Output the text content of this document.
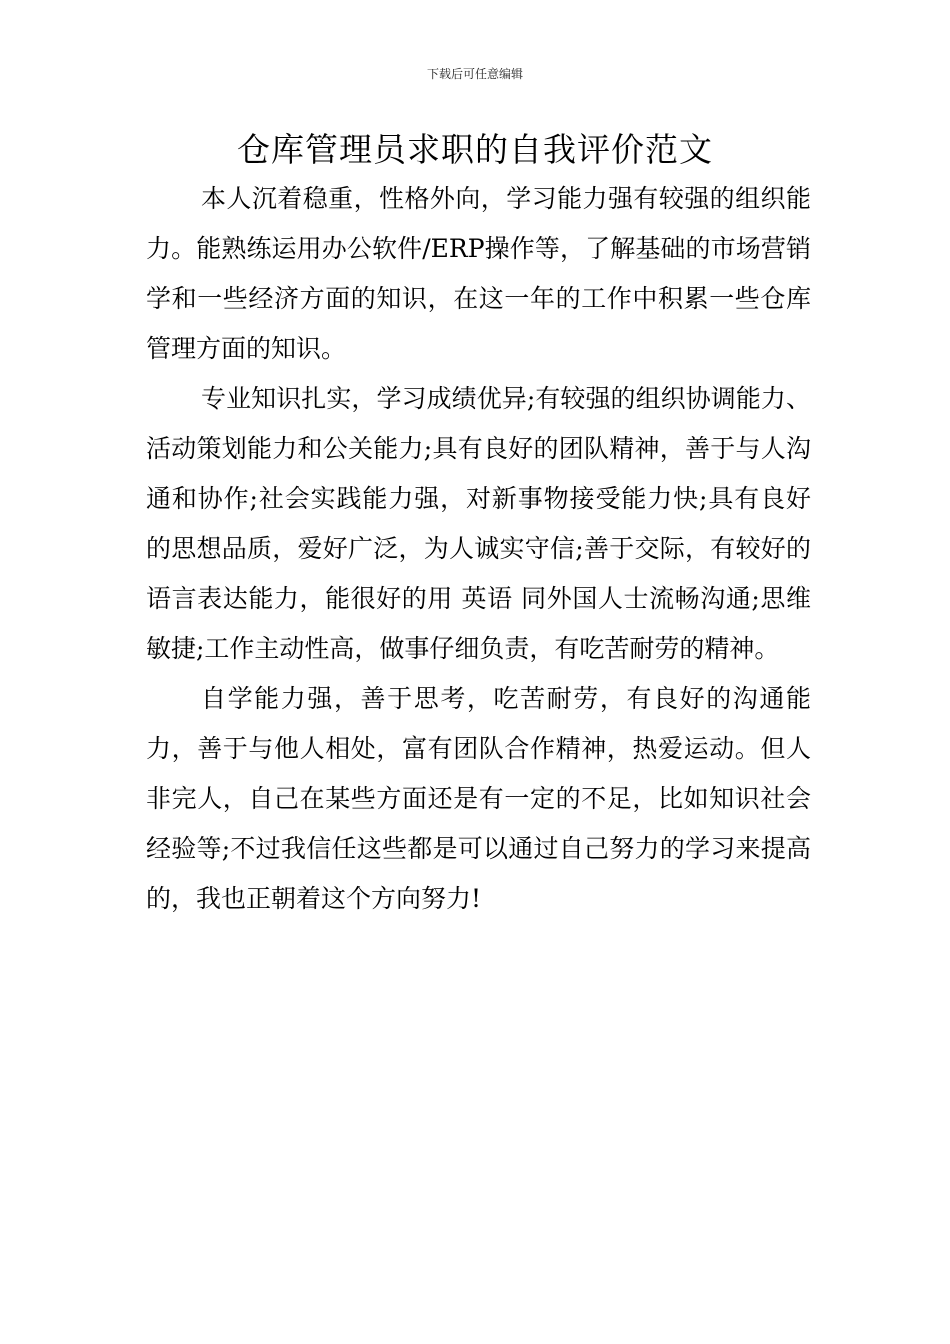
下载后可任意编辑
仓库管理员求职的自我评价范文

本人沉着稳重，性格外向，学习能力强有较强的组织能力。能熟练运用办公软件/ERP操作等，了解基础的市场营销学和一些经济方面的知识，在这一年的工作中积累一些仓库管理方面的知识。

专业知识扎实，学习成绩优异;有较强的组织协调能力、活动策划能力和公关能力;具有良好的团队精神，善于与人沟通和协作;社会实践能力强，对新事物接受能力快;具有良好的思想品质，爱好广泛，为人诚实守信;善于交际，有较好的语言表达能力，能很好的用 英语 同外国人士流畅沟通;思维敏捷;工作主动性高，做事仔细负责，有吃苦耐劳的精神。

自学能力强，善于思考，吃苦耐劳，有良好的沟通能力，善于与他人相处，富有团队合作精神，热爱运动。但人非完人，自己在某些方面还是有一定的不足，比如知识社会经验等;不过我信任这些都是可以通过自己努力的学习来提高的，我也正朝着这个方向努力!
